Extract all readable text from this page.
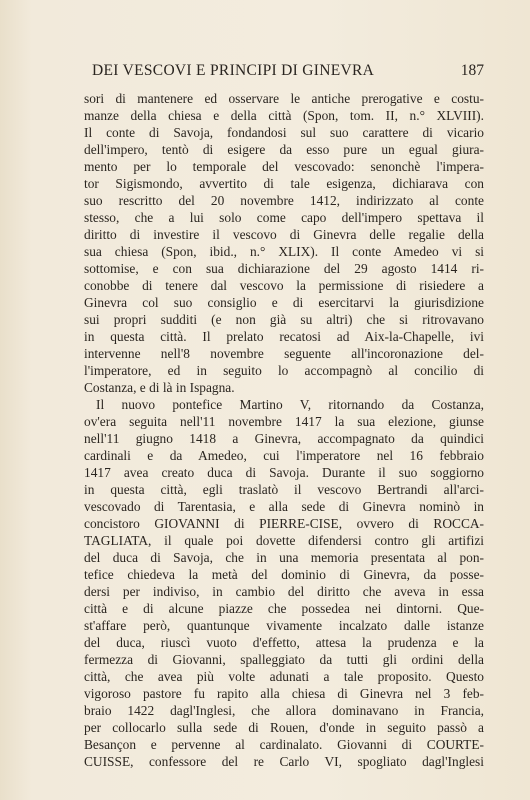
DEI VESCOVI E PRINCIPI DI GINEVRA	187
sori di mantenere ed osservare le antiche prerogative e costu-
manze della chiesa e della città (Spon, tom. II, n.° XLVIII).
Il conte di Savoja, fondandosi sul suo carattere di vicario
dell'impero, tentò di esigere da esso pure un egual giura-
mento per lo temporale del vescovado: senonchè l'impera-
tor Sigismondo, avvertito di tale esigenza, dichiarava con
suo rescritto del 20 novembre 1412, indirizzato al conte
stesso, che a lui solo come capo dell'impero spettava il
diritto di investire il vescovo di Ginevra delle regalie della
sua chiesa (Spon, ibid., n.° XLIX). Il conte Amedeo vi si
sottomise, e con sua dichiarazione del 29 agosto 1414 ri-
conobbe di tenere dal vescovo la permissione di risiedere a
Ginevra col suo consiglio e di esercitarvi la giurisdizione
sui propri sudditi (e non già su altri) che si ritrovavano
in questa città. Il prelato recatosi ad Aix-la-Chapelle, ivi
intervenne nell'8 novembre seguente all'incoronazione del-
l'imperatore, ed in seguito lo accompagnò al concilio di
Costanza, e di là in Ispagna.
Il nuovo pontefice Martino V, ritornando da Costanza,
ov'era seguita nell'11 novembre 1417 la sua elezione, giunse
nell'11 giugno 1418 a Ginevra, accompagnato da quindici
cardinali e da Amedeo, cui l'imperatore nel 16 febbraio
1417 avea creato duca di Savoja. Durante il suo soggiorno
in questa città, egli traslatò il vescovo Bertrandi all'arci-
vescovado di Tarentasia, e alla sede di Ginevra nominò in
concistoro GIOVANNI di PIERRE-CISE, ovvero di ROCCA-
TAGLIATA, il quale poi dovette difendersi contro gli artifizi
del duca di Savoja, che in una memoria presentata al pon-
tefice chiedeva la metà del dominio di Ginevra, da posse-
dersi per indiviso, in cambio del diritto che aveva in essa
città e di alcune piazze che possedea nei dintorni. Que-
st'affare però, quantunque vivamente incalzato dalle istanze
del duca, riuscì vuoto d'effetto, attesa la prudenza e la
fermezza di Giovanni, spalleggiato da tutti gli ordini della
città, che avea più volte adunati a tale proposito. Questo
vigoroso pastore fu rapito alla chiesa di Ginevra nel 3 feb-
braio 1422 dagl'Inglesi, che allora dominavano in Francia,
per collocarlo sulla sede di Rouen, d'onde in seguito passò a
Besançon e pervenne al cardinalato. Giovanni di COURTE-
CUISSE, confessore del re Carlo VI, spogliato dagl'Inglesi
